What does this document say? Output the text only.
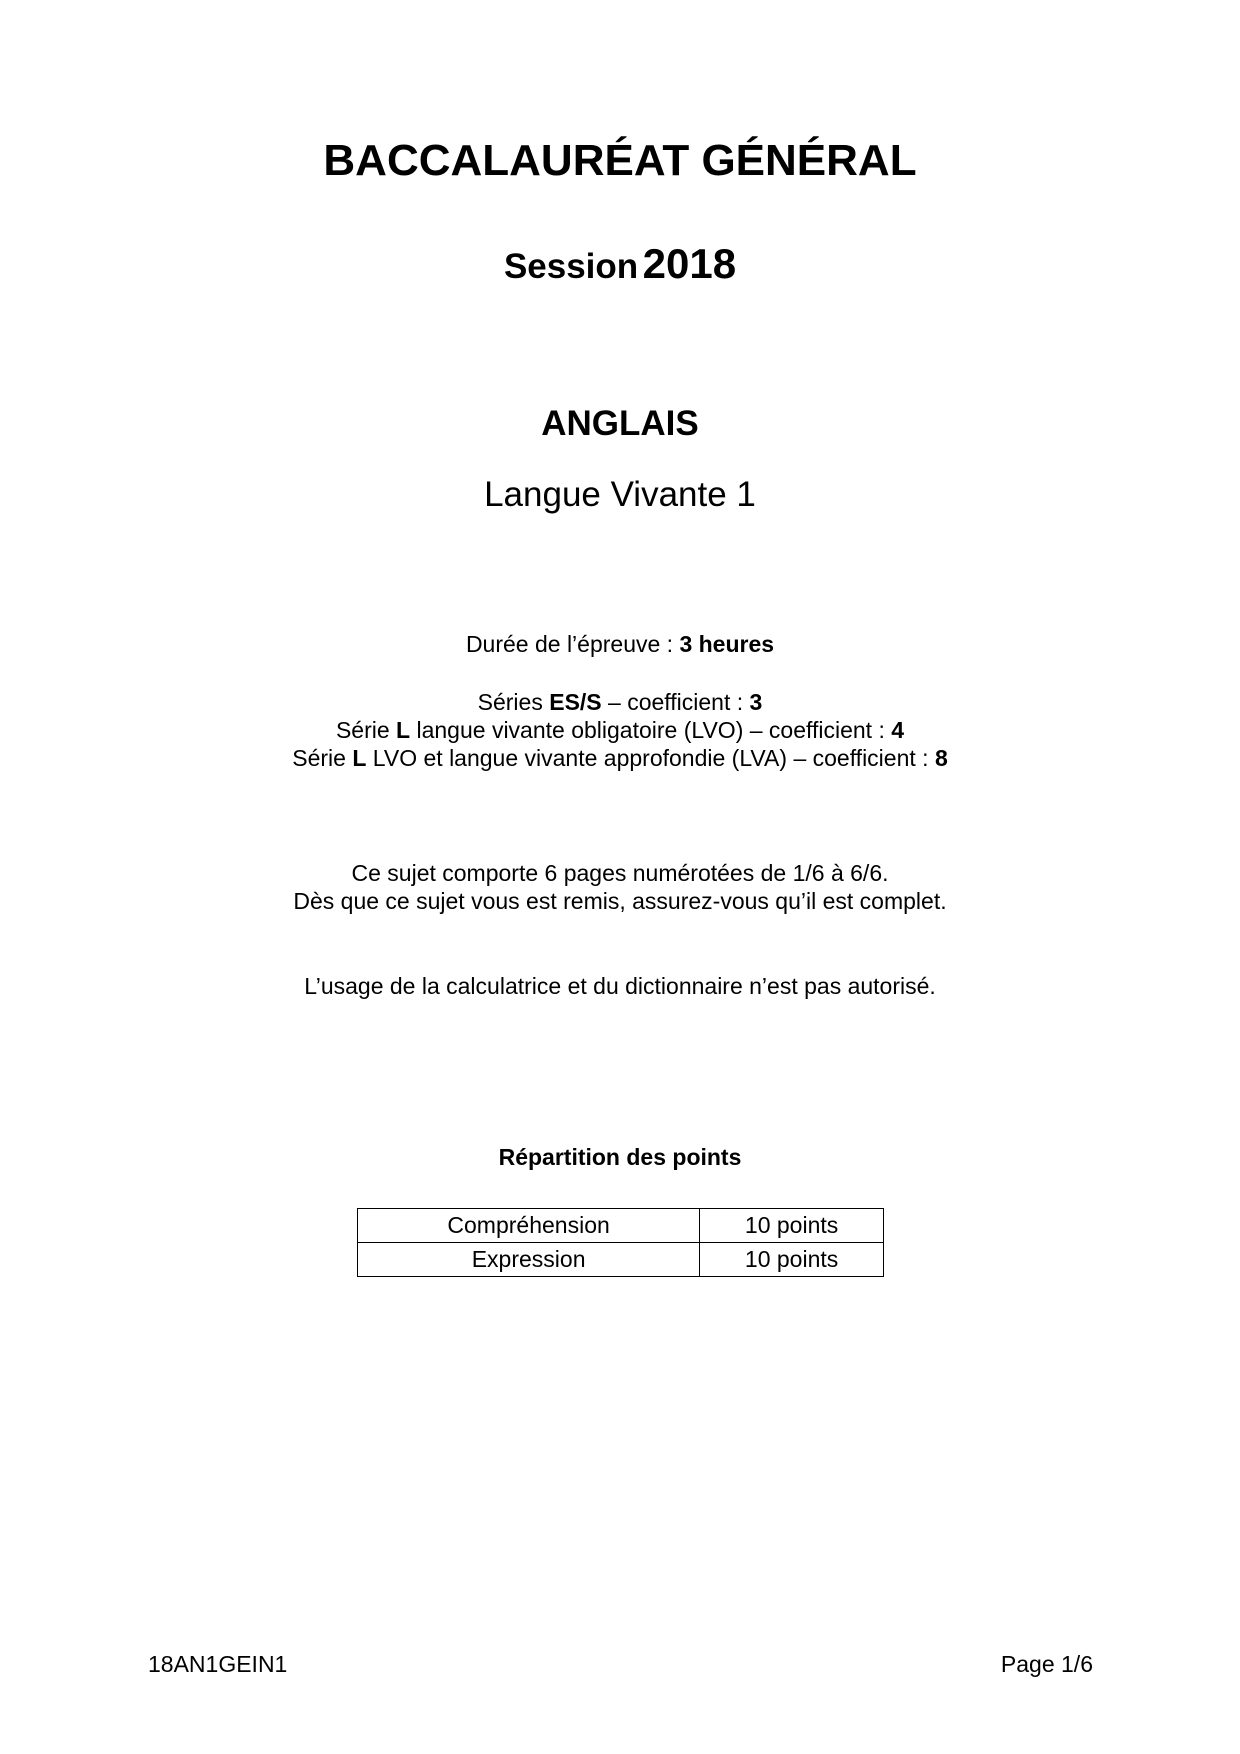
BACCALAURÉAT GÉNÉRAL
Session 2018
ANGLAIS
Langue Vivante 1
Durée de l’épreuve : 3 heures
Séries ES/S – coefficient : 3
Série L langue vivante obligatoire (LVO) – coefficient : 4
Série L LVO et langue vivante approfondie (LVA) – coefficient : 8
Ce sujet comporte 6 pages numérotées de 1/6 à 6/6.
Dès que ce sujet vous est remis, assurez-vous qu’il est complet.
L’usage de la calculatrice et du dictionnaire n’est pas autorisé.
Répartition des points
Compréhension	10 points
Expression	10 points
18AN1GEIN1	Page 1/6
